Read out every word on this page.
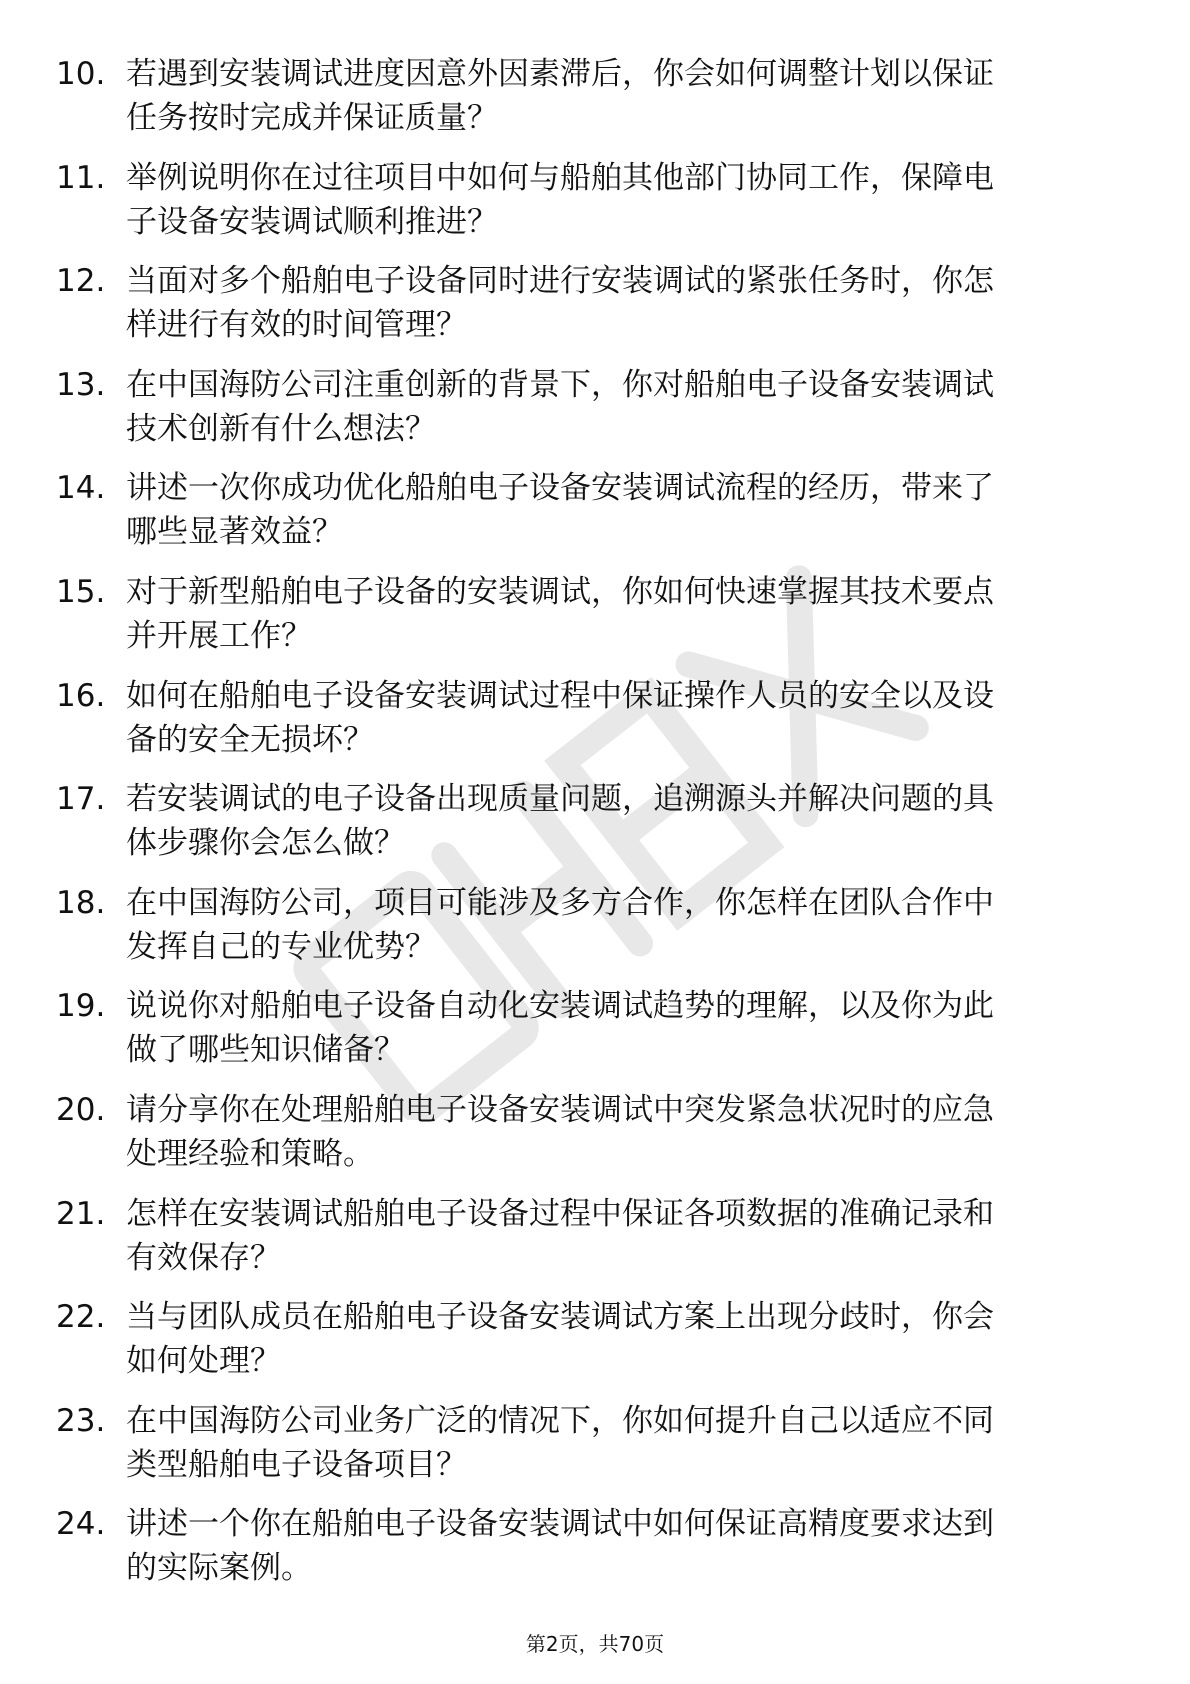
10. 若遇到安装调试进度因意外因素滞后，你会如何调整计划以保证
任务按时完成并保证质量？
11. 举例说明你在过往项目中如何与船舶其他部门协同工作，保障电
子设备安装调试顺利推进？
12. 当面对多个船舶电子设备同时进行安装调试的紧张任务时，你怎
样进行有效的时间管理？
13. 在中国海防公司注重创新的背景下，你对船舶电子设备安装调试
技术创新有什么想法？
14. 讲述一次你成功优化船舶电子设备安装调试流程的经历，带来了
哪些显著效益？
15. 对于新型船舶电子设备的安装调试，你如何快速掌握其技术要点
并开展工作？
16. 如何在船舶电子设备安装调试过程中保证操作人员的安全以及设
备的安全无损坏？
17. 若安装调试的电子设备出现质量问题，追溯源头并解决问题的具
体步骤你会怎么做？
18. 在中国海防公司，项目可能涉及多方合作，你怎样在团队合作中
发挥自己的专业优势？
19. 说说你对船舶电子设备自动化安装调试趋势的理解，以及你为此
做了哪些知识储备？
20. 请分享你在处理船舶电子设备安装调试中突发紧急状况时的应急
处理经验和策略。
21. 怎样在安装调试船舶电子设备过程中保证各项数据的准确记录和
有效保存？
22. 当与团队成员在船舶电子设备安装调试方案上出现分歧时，你会
如何处理？
23. 在中国海防公司业务广泛的情况下，你如何提升自己以适应不同
类型船舶电子设备项目？
24. 讲述一个你在船舶电子设备安装调试中如何保证高精度要求达到
的实际案例。
第2页，共70页
